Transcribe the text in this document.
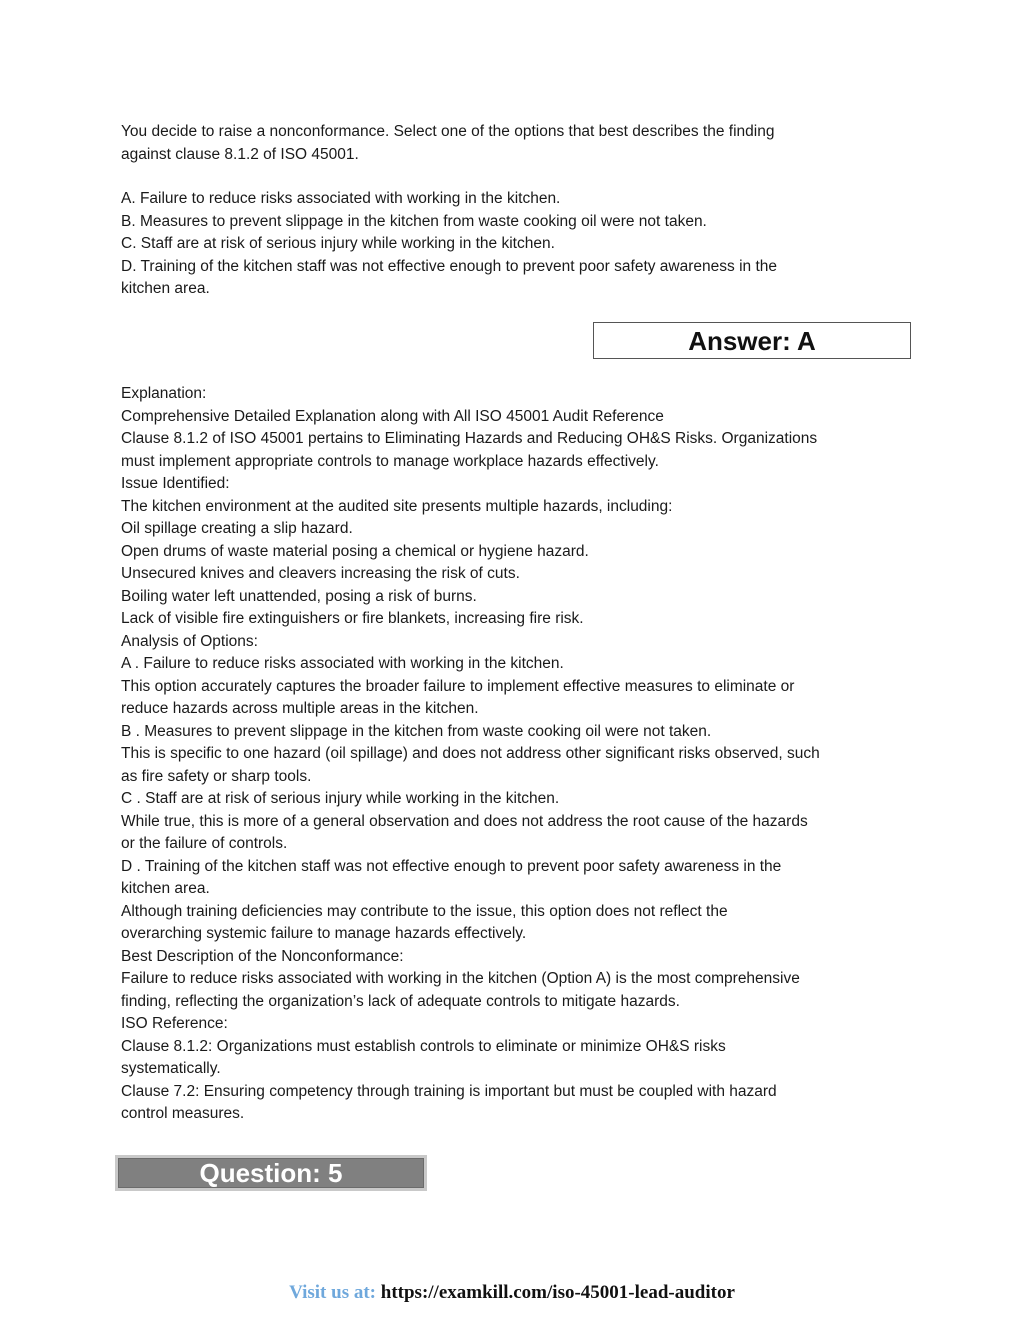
You decide to raise a nonconformance. Select one of the options that best describes the finding

against clause 8.1.2 of ISO 45001.

A. Failure to reduce risks associated with working in the kitchen.

B. Measures to prevent slippage in the kitchen from waste cooking oil were not taken.

C. Staff are at risk of serious injury while working in the kitchen.

D. Training of the kitchen staff was not effective enough to prevent poor safety awareness in the

kitchen area.

Answer: A

Explanation:

Comprehensive Detailed Explanation along with All ISO 45001 Audit Reference

Clause 8.1.2 of ISO 45001 pertains to Eliminating Hazards and Reducing OH&S Risks. Organizations

must implement appropriate controls to manage workplace hazards effectively.

Issue Identified:

The kitchen environment at the audited site presents multiple hazards, including:

Oil spillage creating a slip hazard.

Open drums of waste material posing a chemical or hygiene hazard.

Unsecured knives and cleavers increasing the risk of cuts.

Boiling water left unattended, posing a risk of burns.

Lack of visible fire extinguishers or fire blankets, increasing fire risk.

Analysis of Options:

A . Failure to reduce risks associated with working in the kitchen.

This option accurately captures the broader failure to implement effective measures to eliminate or

reduce hazards across multiple areas in the kitchen.

B . Measures to prevent slippage in the kitchen from waste cooking oil were not taken.

This is specific to one hazard (oil spillage) and does not address other significant risks observed, such

as fire safety or sharp tools.

C . Staff are at risk of serious injury while working in the kitchen.

While true, this is more of a general observation and does not address the root cause of the hazards

or the failure of controls.

D . Training of the kitchen staff was not effective enough to prevent poor safety awareness in the

kitchen area.

Although training deficiencies may contribute to the issue, this option does not reflect the

overarching systemic failure to manage hazards effectively.

Best Description of the Nonconformance:

Failure to reduce risks associated with working in the kitchen (Option A) is the most comprehensive

finding, reflecting the organization’s lack of adequate controls to mitigate hazards.

ISO Reference:

Clause 8.1.2: Organizations must establish controls to eliminate or minimize OH&S risks

systematically.

Clause 7.2: Ensuring competency through training is important but must be coupled with hazard

control measures.

Question: 5
Visit us at: https://examkill.com/iso-45001-lead-auditor
